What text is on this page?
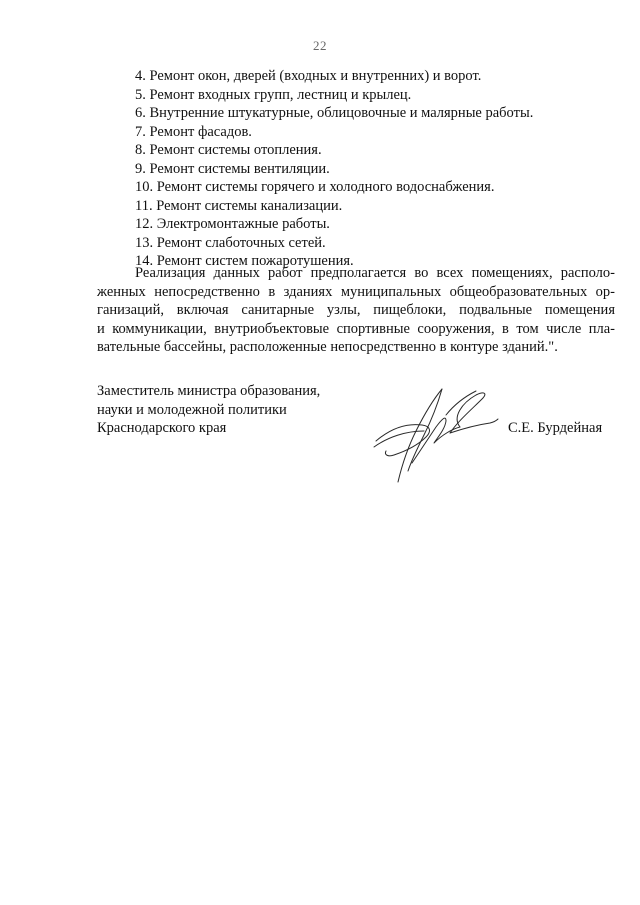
22
4. Ремонт окон, дверей (входных и внутренних) и ворот.
5. Ремонт входных групп, лестниц и крылец.
6. Внутренние штукатурные, облицовочные и малярные работы.
7. Ремонт фасадов.
8. Ремонт системы отопления.
9. Ремонт системы вентиляции.
10. Ремонт системы горячего и холодного водоснабжения.
11. Ремонт системы канализации.
12. Электромонтажные работы.
13. Ремонт слаботочных сетей.
14. Ремонт систем пожаротушения.

Реализация данных работ предполагается во всех помещениях, располо-
женных непосредственно в зданиях муниципальных общеобразовательных ор-
ганизаций, включая санитарные узлы, пищеблоки, подвальные помещения
и коммуникации, внутриобъектовые спортивные сооружения, в том числе пла-
вательные бассейны, расположенные непосредственно в контуре зданий.".

Заместитель министра образования,
науки и молодежной политики
Краснодарского края	С.Е. Бурдейная
